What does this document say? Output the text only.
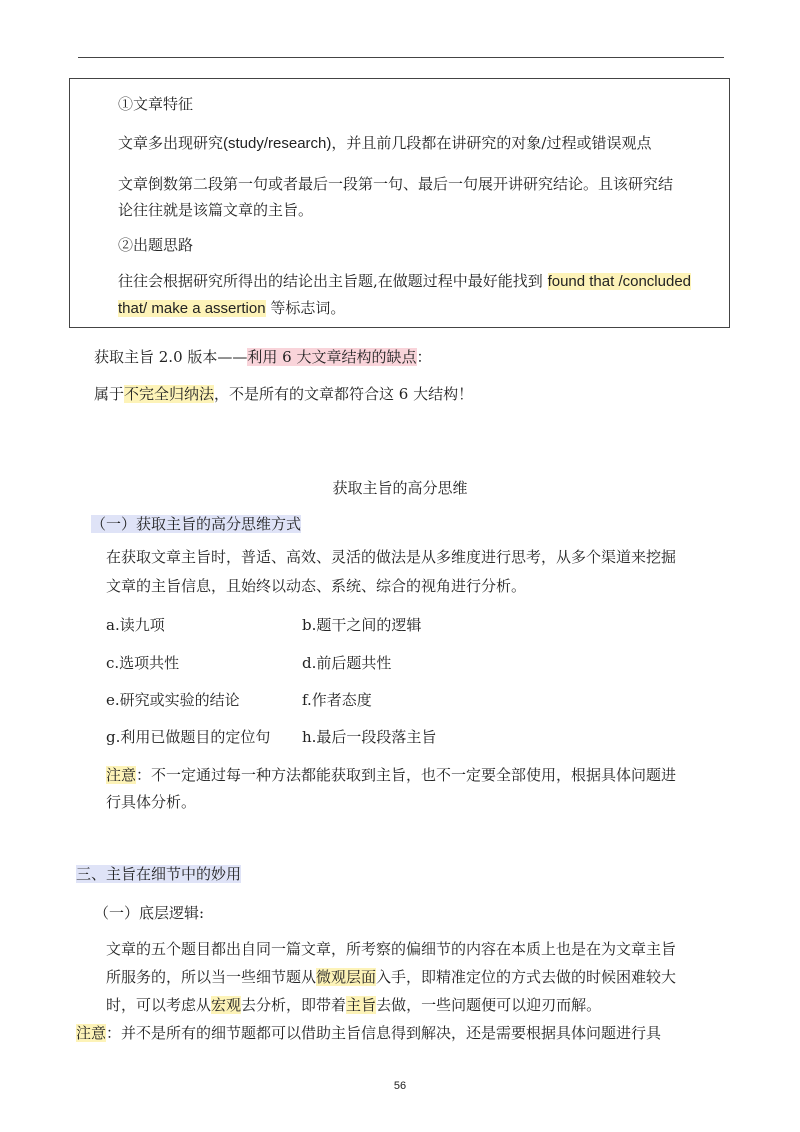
①文章特征
文章多出现研究(study/research)，并且前几段都在讲研究的对象/过程或错误观点
文章倒数第二段第一句或者最后一段第一句、最后一句展开讲研究结论。且该研究结
论往往就是该篇文章的主旨。
②出题思路
往往会根据研究所得出的结论出主旨题,在做题过程中最好能找到 found that /concluded
that/ make a assertion 等标志词。
获取主旨 2.0 版本——利用 6 大文章结构的缺点：
属于不完全归纳法，不是所有的文章都符合这 6 大结构！
获取主旨的高分思维
（一）获取主旨的高分思维方式
在获取文章主旨时，普适、高效、灵活的做法是从多维度进行思考，从多个渠道来挖掘
文章的主旨信息，且始终以动态、系统、综合的视角进行分析。
a.读九项	b.题干之间的逻辑
c.选项共性	d.前后题共性
e.研究或实验的结论	f.作者态度
g.利用已做题目的定位句 h.最后一段段落主旨
注意：不一定通过每一种方法都能获取到主旨，也不一定要全部使用，根据具体问题进
行具体分析。
三、主旨在细节中的妙用
（一）底层逻辑:
文章的五个题目都出自同一篇文章，所考察的偏细节的内容在本质上也是在为文章主旨
所服务的，所以当一些细节题从微观层面入手，即精准定位的方式去做的时候困难较大
时，可以考虑从宏观去分析，即带着主旨去做，一些问题便可以迎刃而解。
注意：并不是所有的细节题都可以借助主旨信息得到解决，还是需要根据具体问题进行具
56
